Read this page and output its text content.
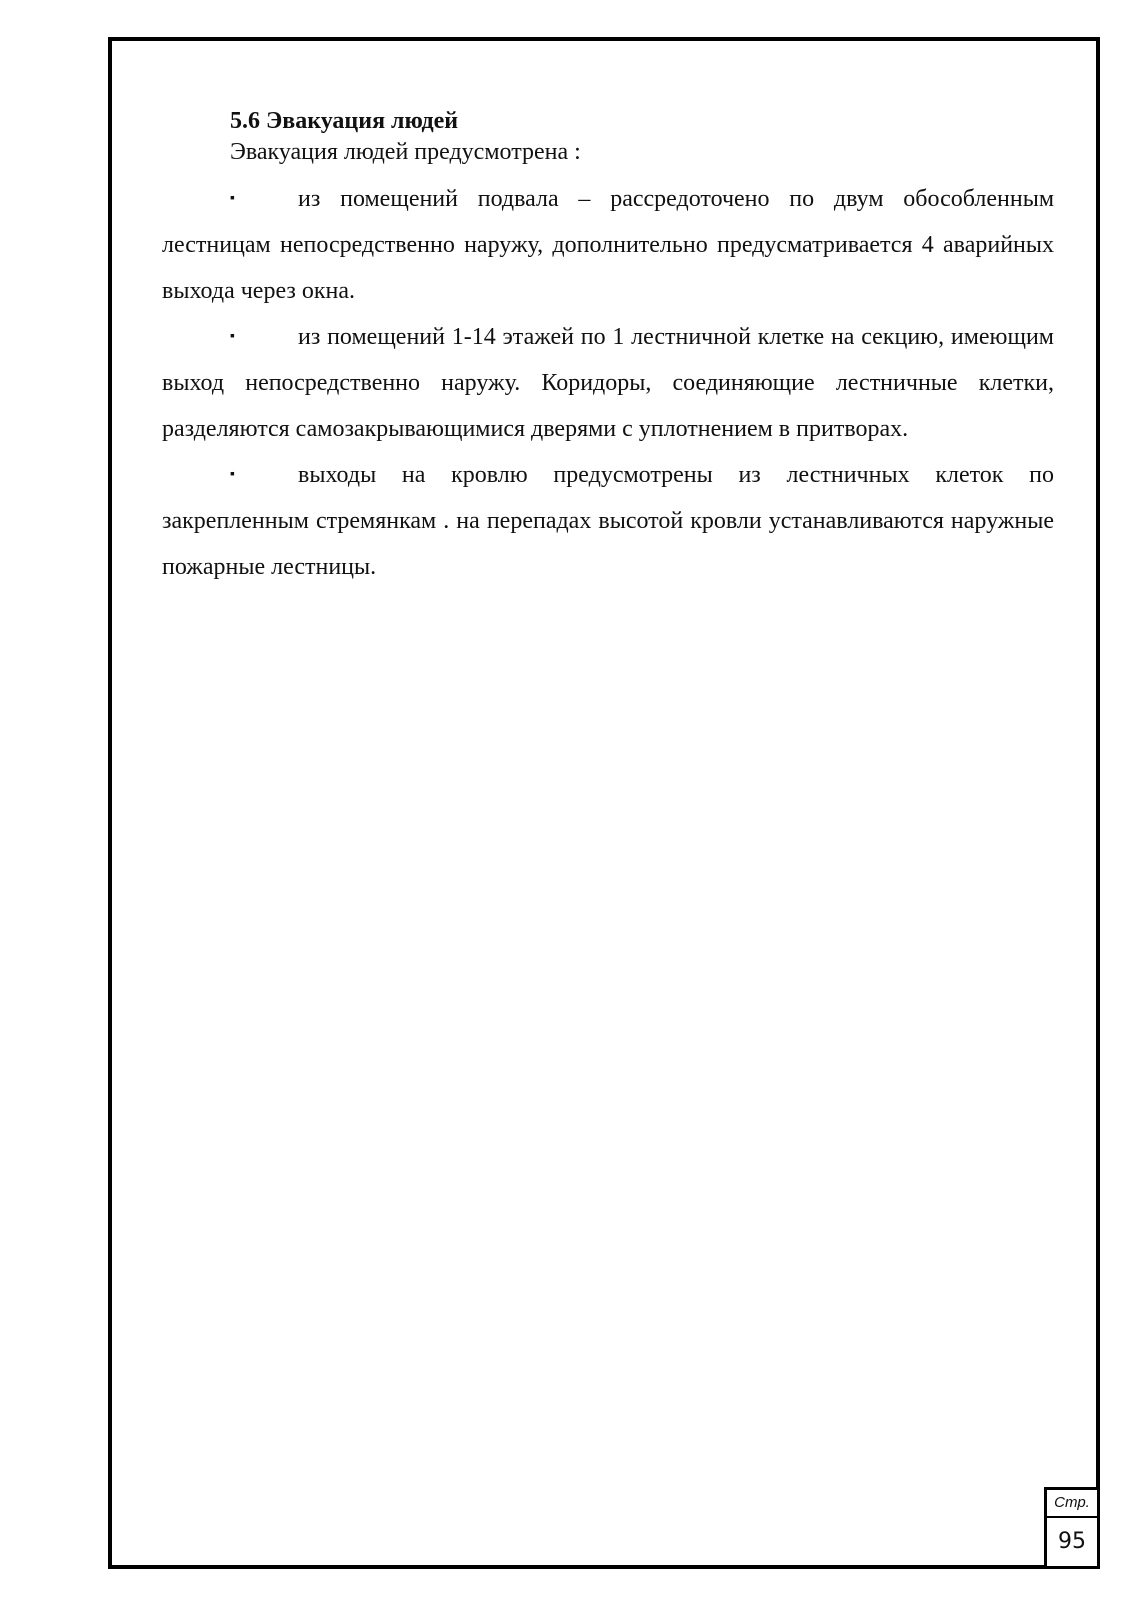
Стр.
95
5.6 Эвакуация людей
Эвакуация людей предусмотрена :

▪	из помещений подвала – рассредоточено по двум обособленным лестницам непосредственно наружу, дополнительно предусматривается 4 аварийных выхода через окна.

▪	из помещений 1-14 этажей по 1 лестничной клетке на секцию, имеющим выход непосредственно наружу. Коридоры, соединяющие лестничные клетки, разделяются самозакрывающимися дверями с уплотнением в притворах.

▪	выходы на кровлю предусмотрены из лестничных клеток по закрепленным стремянкам . на перепадах высотой кровли устанавливаются наружные пожарные лестницы.
